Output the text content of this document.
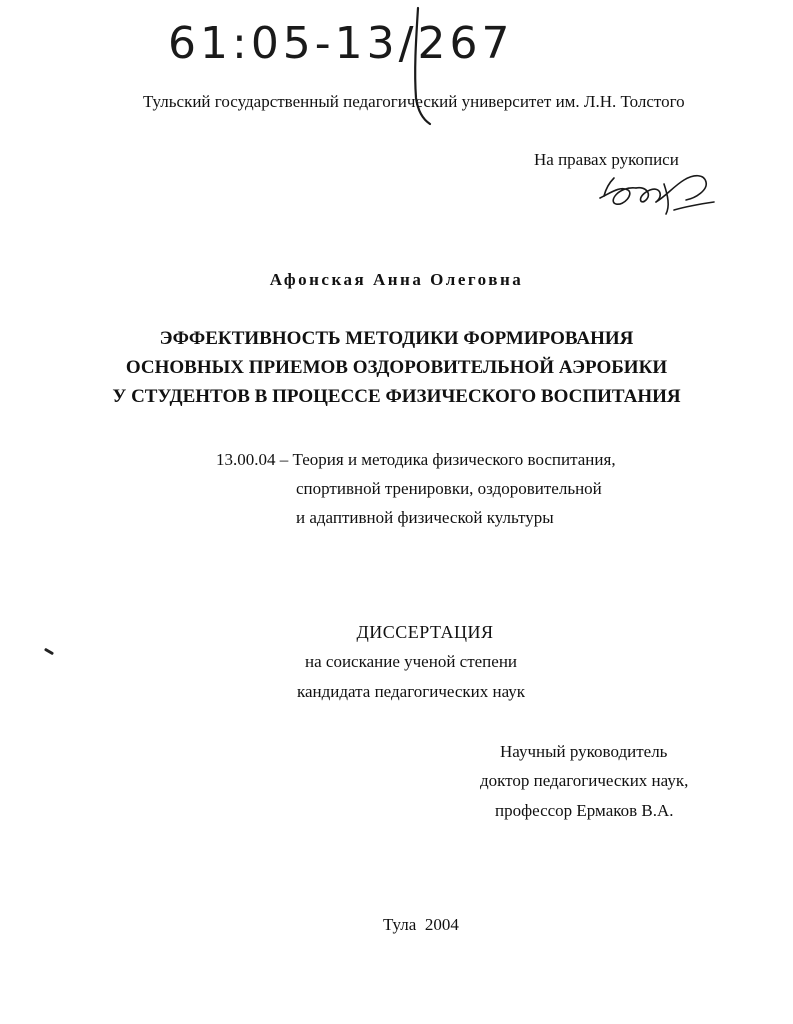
61:05-13/267
Тульский государственный педагогический университет им. Л.Н. Толстого
На правах рукописи
Афонская Анна Олеговна
ЭФФЕКТИВНОСТЬ МЕТОДИКИ ФОРМИРОВАНИЯ
ОСНОВНЫХ ПРИЕМОВ ОЗДОРОВИТЕЛЬНОЙ АЭРОБИКИ
У СТУДЕНТОВ В ПРОЦЕССЕ ФИЗИЧЕСКОГО ВОСПИТАНИЯ
13.00.04 – Теория и методика физического воспитания,
спортивной тренировки, оздоровительной
и адаптивной физической культуры
ДИССЕРТАЦИЯ
на соискание ученой степени
кандидата педагогических наук
Научный руководитель
доктор педагогических наук,
профессор Ермаков В.А.
Тула  2004
